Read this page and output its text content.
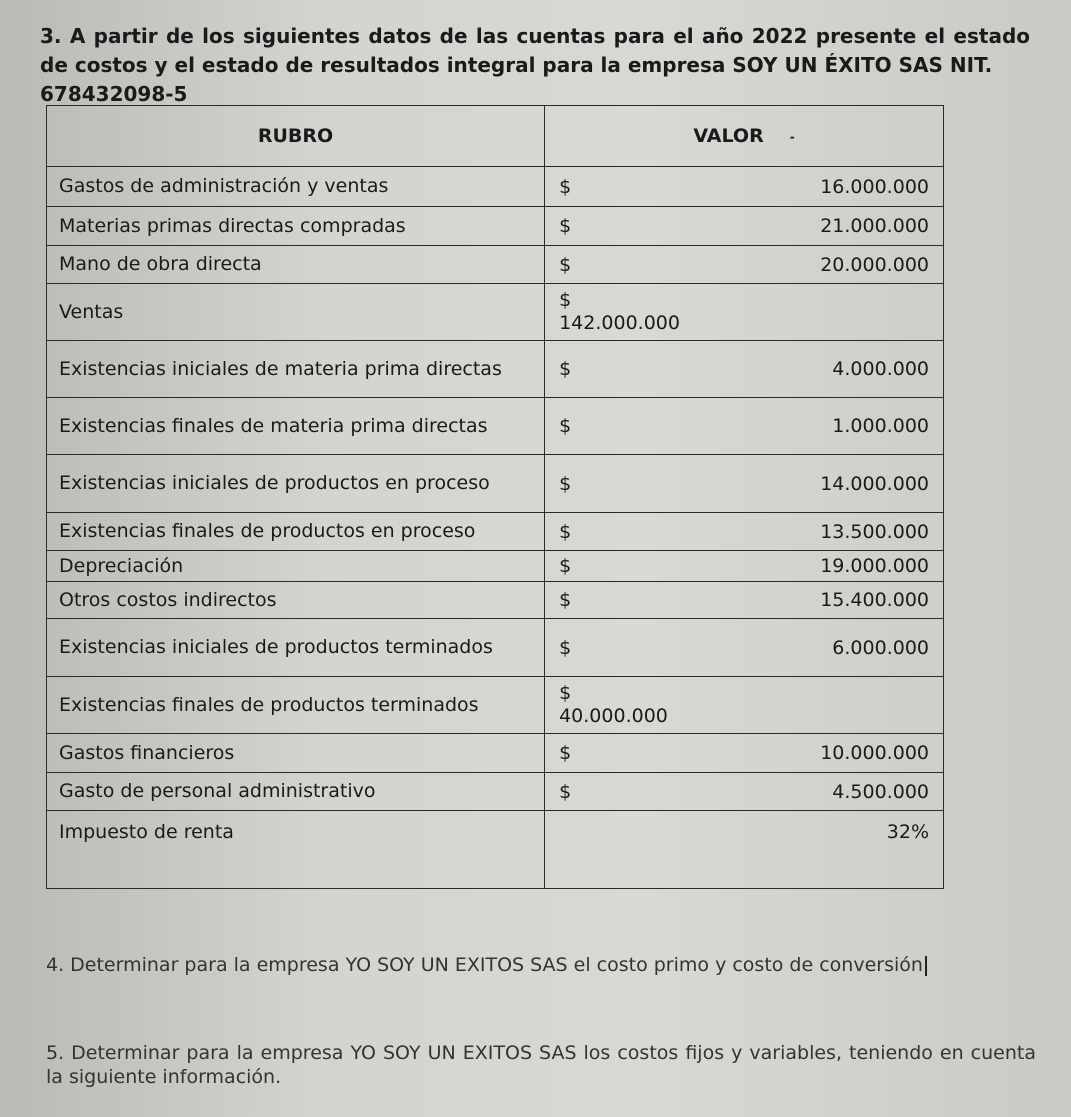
3. A partir de los siguientes datos de las cuentas para el año 2022 presente el estado de costos y el estado de resultados integral para la empresa SOY UN ÉXITO SAS NIT.
678432098-5
RUBRO	VALOR -
Gastos de administración y ventas	$ 16.000.000

Materias primas directas compradas	$ 21.000.000

Mano de obra directa	$ 20.000.000

Ventas	$
142.000.000

Existencias iniciales de materia prima directas	$ 4.000.000

Existencias finales de materia prima directas	$ 1.000.000

Existencias iniciales de productos en proceso	$ 14.000.000

Existencias finales de productos en proceso	$ 13.500.000

Depreciación	$ 19.000.000

Otros costos indirectos	$ 15.400.000

Existencias iniciales de productos terminados	$ 6.000.000

Existencias finales de productos terminados	$
40.000.000

Gastos financieros	$ 10.000.000

Gasto de personal administrativo	$ 4.500.000

Impuesto de renta	32%
4. Determinar para la empresa YO SOY UN EXITOS SAS el costo primo y costo de conversión
5. Determinar para la empresa YO SOY UN EXITOS SAS los costos fijos y variables, teniendo en cuenta la siguiente información.
